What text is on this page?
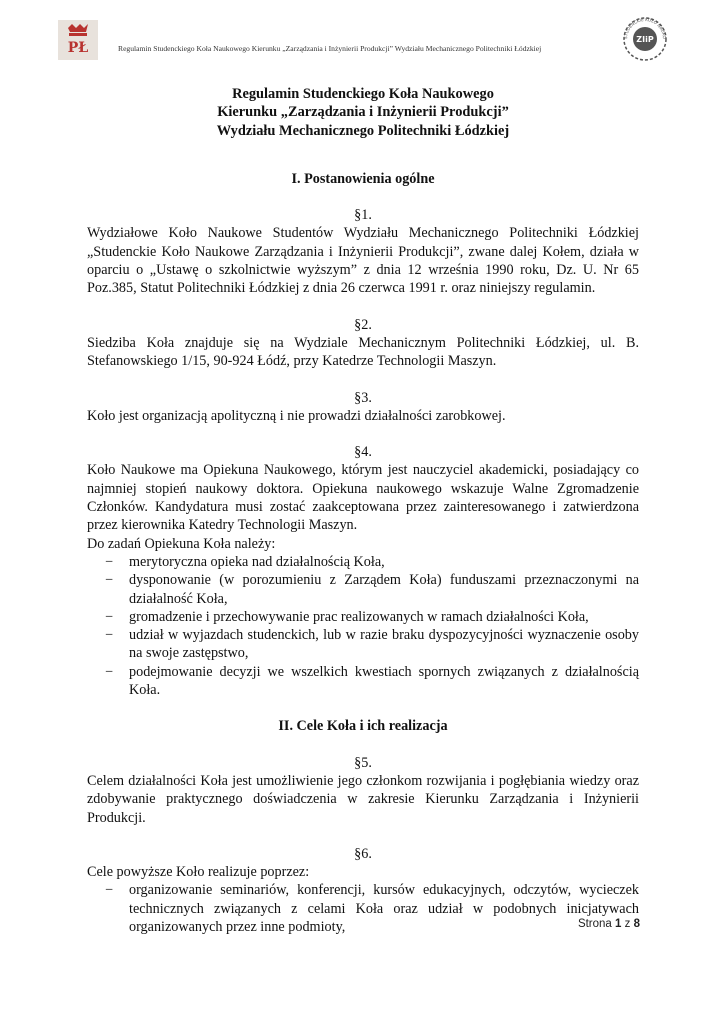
PŁ	Regulamin Studenckiego Koła Naukowego Kierunku „Zarządzania i Inżynierii Produkcji” Wydziału Mechanicznego Politechniki Łódzkiej
STUDENCKIE KOŁO NAUKO
ZIiP
Regulamin Studenckiego Koła Naukowego
Kierunku „Zarządzania i Inżynierii Produkcji”
Wydziału Mechanicznego Politechniki Łódzkiej
I. Postanowienia ogólne
§1.

Wydziałowe Koło Naukowe Studentów Wydziału Mechanicznego Politechniki Łódzkiej „Studenckie Koło Naukowe Zarządzania i Inżynierii Produkcji”, zwane dalej Kołem, działa w oparciu o „Ustawę o szkolnictwie wyższym” z dnia 12 września 1990 roku, Dz. U. Nr 65 Poz.385, Statut Politechniki Łódzkiej z dnia 26 czerwca 1991 r. oraz niniejszy regulamin.

§2.

Siedziba Koła znajduje się na Wydziale Mechanicznym Politechniki Łódzkiej, ul. B. Stefanowskiego 1/15, 90-924 Łódź, przy Katedrze Technologii Maszyn.

§3.

Koło jest organizacją apolityczną i nie prowadzi działalności zarobkowej.

§4.

Koło Naukowe ma Opiekuna Naukowego, którym jest nauczyciel akademicki, posiadający co najmniej stopień naukowy doktora. Opiekuna naukowego wskazuje Walne Zgromadzenie Członków. Kandydatura musi zostać zaakceptowana przez zainteresowanego i zatwierdzona przez kierownika Katedry Technologii Maszyn.

Do zadań Opiekuna Koła należy:

− merytoryczna opieka nad działalnością Koła,
− dysponowanie (w porozumieniu z Zarządem Koła) funduszami przeznaczonymi na działalność Koła,
− gromadzenie i przechowywanie prac realizowanych w ramach działalności Koła,
− udział w wyjazdach studenckich, lub w razie braku dyspozycyjności wyznaczenie osoby na swoje zastępstwo,
− podejmowanie decyzji we wszelkich kwestiach spornych związanych z działalnością Koła.
II. Cele Koła i ich realizacja
§5.

Celem działalności Koła jest umożliwienie jego członkom rozwijania i pogłębiania wiedzy oraz zdobywanie praktycznego doświadczenia w zakresie Kierunku Zarządzania i Inżynierii Produkcji.

§6.

Cele powyższe Koło realizuje poprzez:

− organizowanie seminariów, konferencji, kursów edukacyjnych, odczytów, wycieczek technicznych związanych z celami Koła oraz udział w podobnych inicjatywach organizowanych przez inne podmioty,	Strona 1 z 8
